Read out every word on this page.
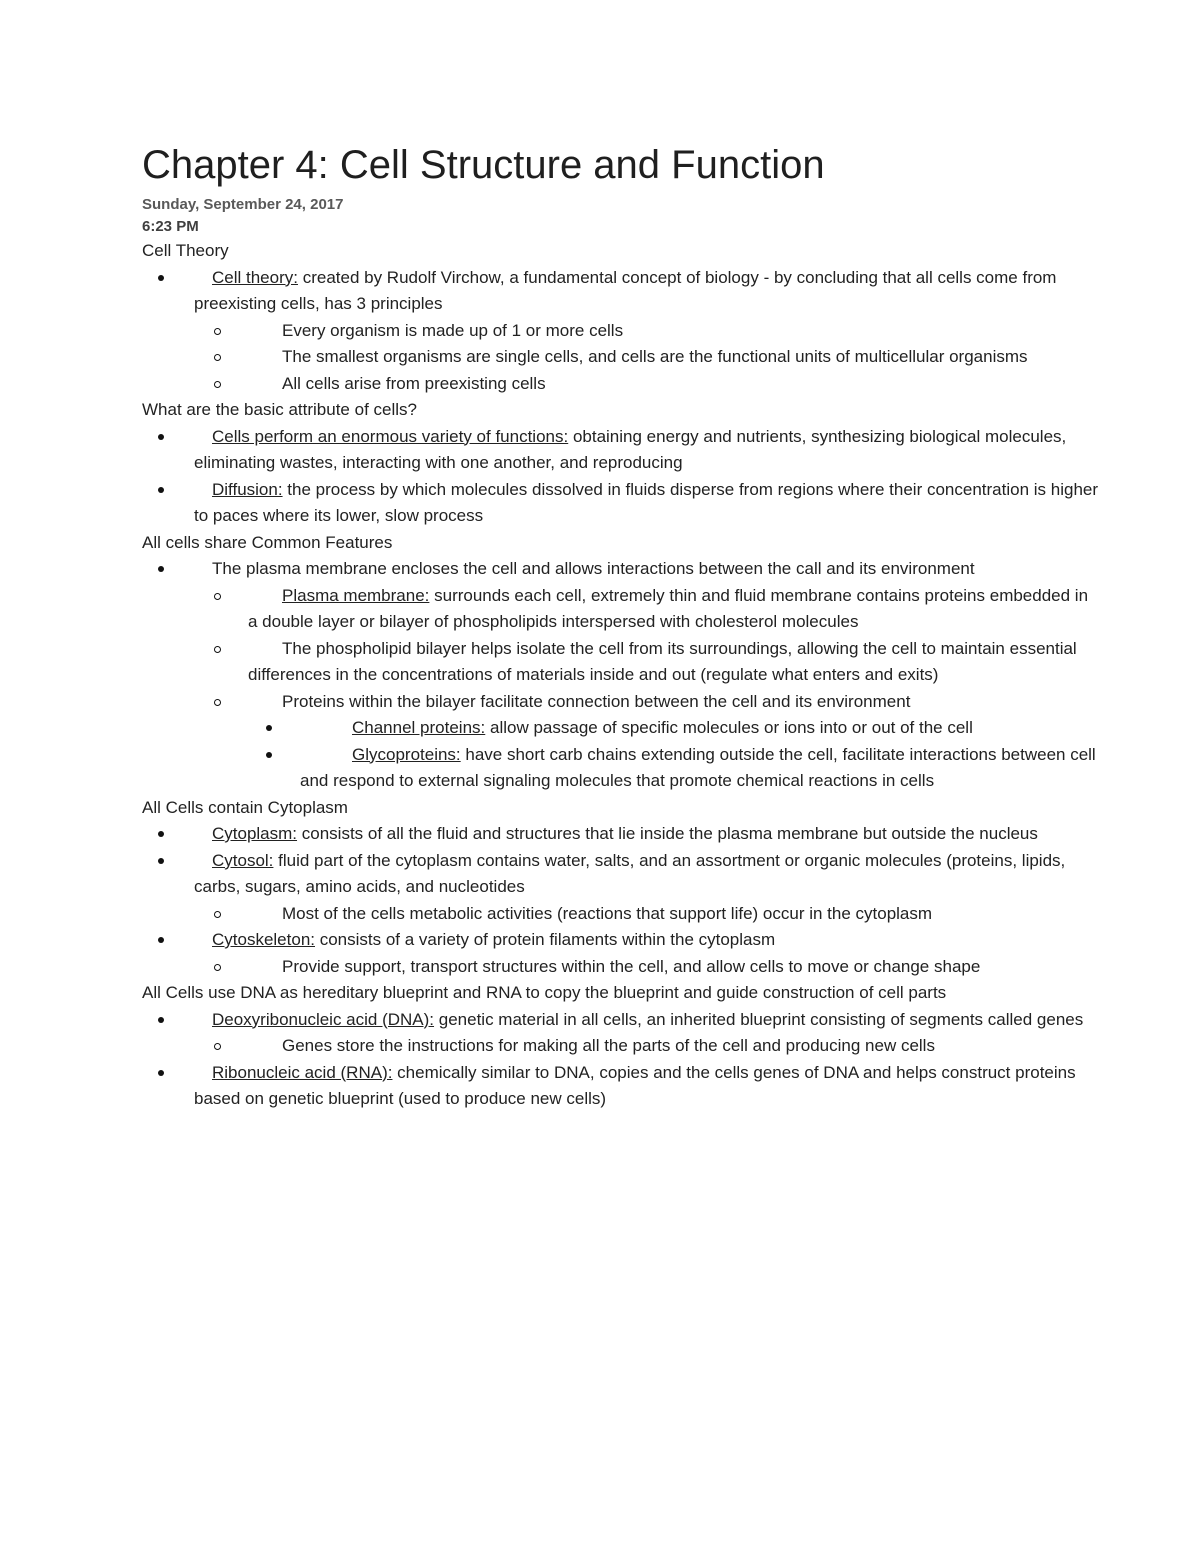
Chapter 4: Cell Structure and Function
Sunday, September 24, 2017
6:23 PM

Cell Theory

Cell theory: created by Rudolf Virchow, a fundamental concept of biology - by concluding that all cells come from preexisting cells, has 3 principles
Every organism is made up of 1 or more cells
The smallest organisms are single cells, and cells are the functional units of multicellular organisms
All cells arise from preexisting cells

What are the basic attribute of cells?

Cells perform an enormous variety of functions: obtaining energy and nutrients, synthesizing biological molecules, eliminating wastes, interacting with one another, and reproducing
Diffusion: the process by which molecules dissolved in fluids disperse from regions where their concentration is higher to paces where its lower, slow process

All cells share Common Features

The plasma membrane encloses the cell and allows interactions between the call and its environment
Plasma membrane: surrounds each cell, extremely thin and fluid membrane contains proteins embedded in a double layer or bilayer of phospholipids interspersed with cholesterol molecules
The phospholipid bilayer helps isolate the cell from its surroundings, allowing the cell to maintain essential differences in the concentrations of materials inside and out (regulate what enters and exits)
Proteins within the bilayer facilitate connection between the cell and its environment
Channel proteins: allow passage of specific molecules or ions into or out of the cell
Glycoproteins: have short carb chains extending outside the cell, facilitate interactions between cell and respond to external signaling molecules that promote chemical reactions in cells

All Cells contain Cytoplasm

Cytoplasm: consists of all the fluid and structures that lie inside the plasma membrane but outside the nucleus
Cytosol: fluid part of the cytoplasm contains water, salts, and an assortment or organic molecules (proteins, lipids, carbs, sugars, amino acids, and nucleotides
Most of the cells metabolic activities (reactions that support life) occur in the cytoplasm
Cytoskeleton: consists of a variety of protein filaments within the cytoplasm
Provide support, transport structures within the cell, and allow cells to move or change shape

All Cells use DNA as hereditary blueprint and RNA to copy the blueprint and guide construction of cell parts

Deoxyribonucleic acid (DNA): genetic material in all cells, an inherited blueprint consisting of segments called genes
Genes store the instructions for making all the parts of the cell and producing new cells
Ribonucleic acid (RNA): chemically similar to DNA, copies and the cells genes of DNA and helps construct proteins based on genetic blueprint (used to produce new cells)
